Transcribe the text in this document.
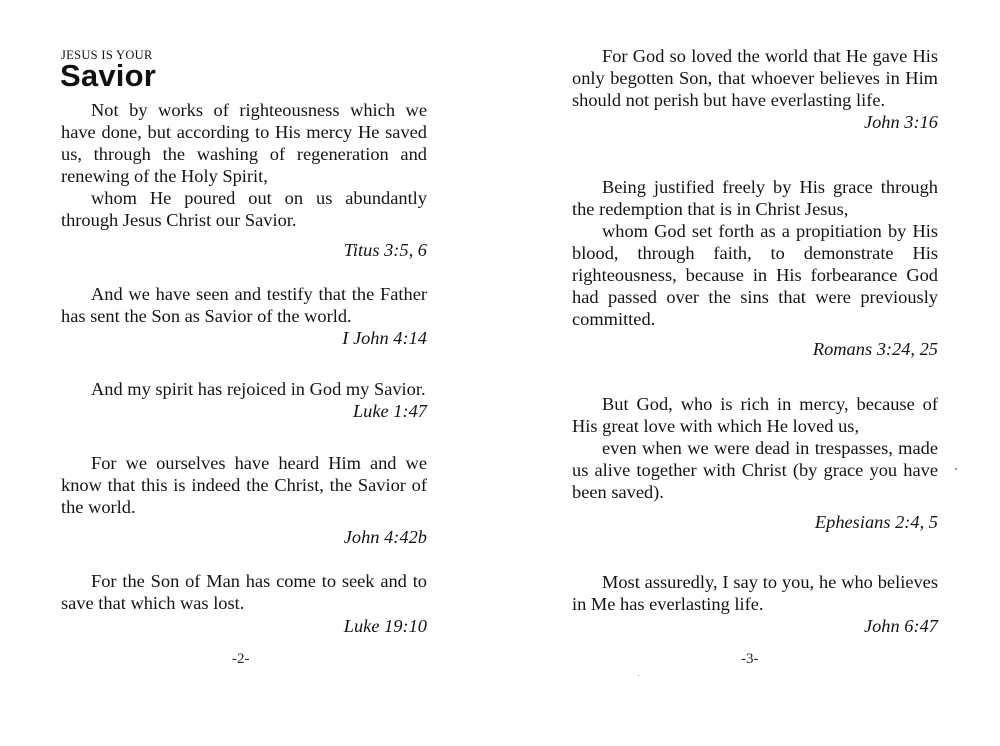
JESUS IS YOUR
Savior

Not by works of righteousness which we have done, but according to His mercy He saved us, through the washing of regeneration and renewing of the Holy Spirit,

whom He poured out on us abundantly through Jesus Christ our Savior.

Titus 3:5, 6

And we have seen and testify that the Father has sent the Son as Savior of the world.

I John 4:14

And my spirit has rejoiced in God my Savior.

Luke 1:47

For we ourselves have heard Him and we know that this is indeed the Christ, the Savior of the world.

John 4:42b

For the Son of Man has come to seek and to save that which was lost.

Luke 19:10

-2-

For God so loved the world that He gave His only begotten Son, that whoever believes in Him should not perish but have everlasting life.

John 3:16

Being justified freely by His grace through the redemption that is in Christ Jesus,

whom God set forth as a propitiation by His blood, through faith, to demonstrate His righteousness, because in His forbearance God had passed over the sins that were previously committed.

Romans 3:24, 25

But God, who is rich in mercy, because of His great love with which He loved us,

even when we were dead in trespasses, made us alive together with Christ (by grace you have been saved).

Ephesians 2:4, 5

Most assuredly, I say to you, he who believes in Me has everlasting life.

John 6:47

-3-
